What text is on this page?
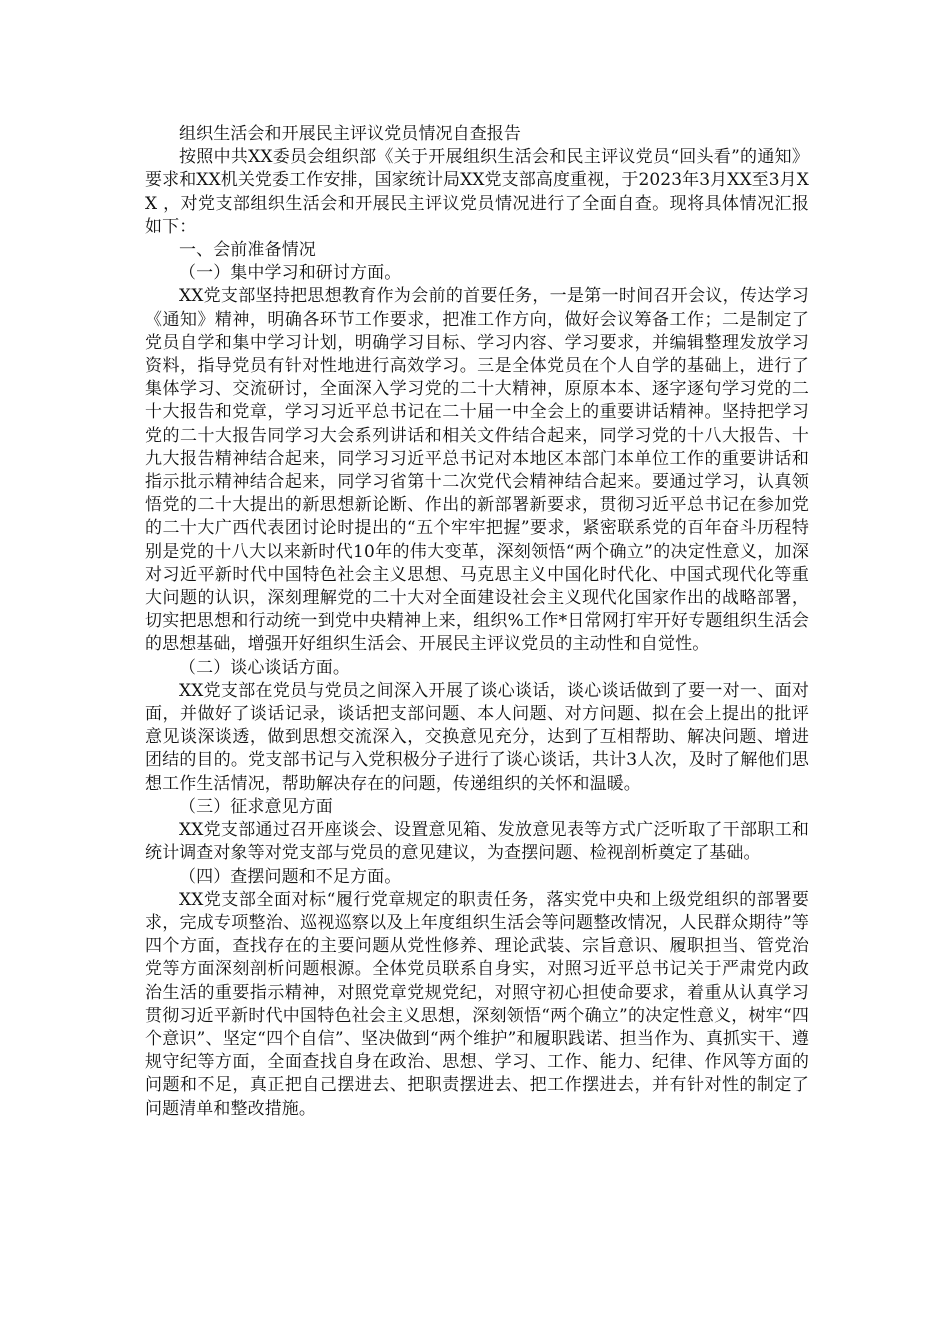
组织生活会和开展民主评议党员情况自查报告

按照中共XX委员会组织部《关于开展组织生活会和民主评议党员“回头看”的通知》要求和XX机关党委工作安排，国家统计局XX党支部高度重视，于2023年3月XX至3月XX ，对党支部组织生活会和开展民主评议党员情况进行了全面自查。现将具体情况汇报如下：

一、会前准备情况

（一）集中学习和研讨方面。

XX党支部坚持把思想教育作为会前的首要任务，一是第一时间召开会议，传达学习《通知》精神，明确各环节工作要求，把准工作方向，做好会议筹备工作；二是制定了党员自学和集中学习计划，明确学习目标、学习内容、学习要求，并编辑整理发放学习资料，指导党员有针对性地进行高效学习。三是全体党员在个人自学的基础上，进行了集体学习、交流研讨，全面深入学习党的二十大精神，原原本本、逐字逐句学习党的二十大报告和党章，学习习近平总书记在二十届一中全会上的重要讲话精神。坚持把学习党的二十大报告同学习大会系列讲话和相关文件结合起来，同学习党的十八大报告、十九大报告精神结合起来，同学习习近平总书记对本地区本部门本单位工作的重要讲话和指示批示精神结合起来，同学习省第十二次党代会精神结合起来。要通过学习，认真领悟党的二十大提出的新思想新论断、作出的新部署新要求，贯彻习近平总书记在参加党的二十大广西代表团讨论时提出的“五个牢牢把握”要求，紧密联系党的百年奋斗历程特别是党的十八大以来新时代10年的伟大变革，深刻领悟“两个确立”的决定性意义，加深对习近平新时代中国特色社会主义思想、马克思主义中国化时代化、中国式现代化等重大问题的认识，深刻理解党的二十大对全面建设社会主义现代化国家作出的战略部署，切实把思想和行动统一到党中央精神上来，组织%工作*日常网打牢开好专题组织生活会的思想基础，增强开好组织生活会、开展民主评议党员的主动性和自觉性。

（二）谈心谈话方面。

XX党支部在党员与党员之间深入开展了谈心谈话，谈心谈话做到了要一对一、面对面，并做好了谈话记录，谈话把支部问题、本人问题、对方问题、拟在会上提出的批评意见谈深谈透，做到思想交流深入，交换意见充分，达到了互相帮助、解决问题、增进团结的目的。党支部书记与入党积极分子进行了谈心谈话，共计3人次，及时了解他们思想工作生活情况，帮助解决存在的问题，传递组织的关怀和温暖。

（三）征求意见方面

XX党支部通过召开座谈会、设置意见箱、发放意见表等方式广泛听取了干部职工和统计调查对象等对党支部与党员的意见建议，为查摆问题、检视剖析奠定了基础。

（四）查摆问题和不足方面。

XX党支部全面对标“履行党章规定的职责任务，落实党中央和上级党组织的部署要求，完成专项整治、巡视巡察以及上年度组织生活会等问题整改情况，人民群众期待”等四个方面，查找存在的主要问题从党性修养、理论武装、宗旨意识、履职担当、管党治党等方面深刻剖析问题根源。全体党员联系自身实，对照习近平总书记关于严肃党内政治生活的重要指示精神，对照党章党规党纪，对照守初心担使命要求，着重从认真学习贯彻习近平新时代中国特色社会主义思想，深刻领悟“两个确立”的决定性意义，树牢“四个意识”、坚定“四个自信”、坚决做到“两个维护”和履职践诺、担当作为、真抓实干、遵规守纪等方面，全面查找自身在政治、思想、学习、工作、能力、纪律、作风等方面的问题和不足，真正把自己摆进去、把职责摆进去、把工作摆进去，并有针对性的制定了问题清单和整改措施。
